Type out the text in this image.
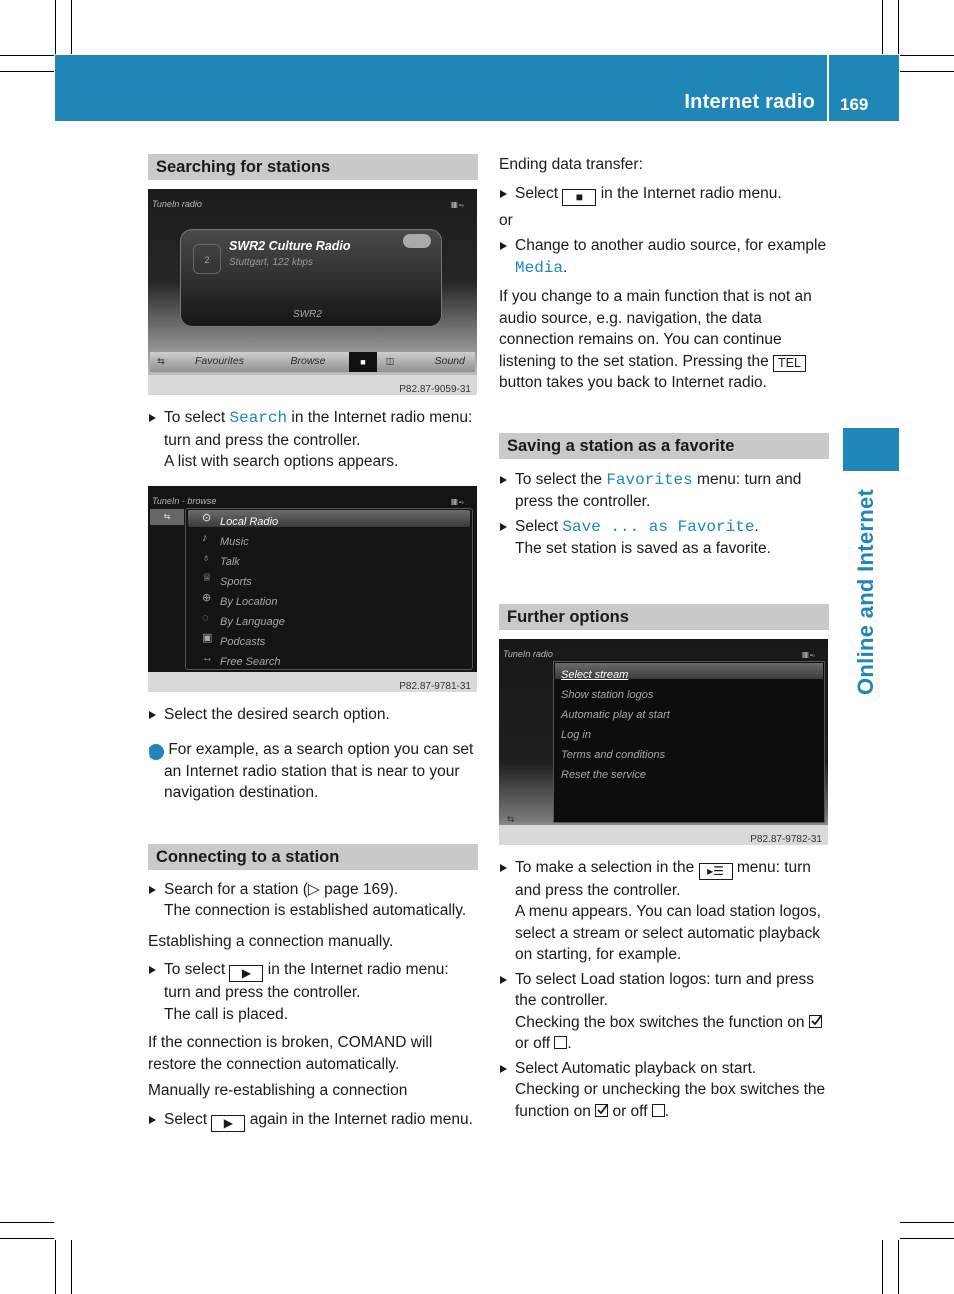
Internet radio 169
Online and Internet
Searching for stations
TuneIn radio	IIIII ⁃◦
2
SWR2 Culture Radio
Stuttgart, 122 kbps
SWR2
⇆	Favourites	Browse	■	◫	Sound
P82.87-9059-31

To select Search in the Internet radio menu: turn and press the controller.

A list with search options appears.

TuneIn - browse	IIIII ⁃◦
⇆	⊙ Local Radio
♪	Music
♁ Talk
♕ Sports
⊕ By Location
◌	By Language
▣ Podcasts
↔ Free Search
P82.87-9781-31

Select the desired search option.

i For example, as a search option you can set an Internet radio station that is near to your navigation destination.

Connecting to a station

Search for a station (▷ page 169).

The connection is established automatically.

Establishing a connection manually.

To select ▶ in the Internet radio menu: turn and press the controller.

The call is placed.

If the connection is broken, COMAND will restore the connection automatically.

Manually re-establishing a connection

Select ▶ again in the Internet radio menu.

Ending data transfer:

Select ■ in the Internet radio menu.

or

Change to another audio source, for example Media.

If you change to a main function that is not an audio source, e.g. navigation, the data connection remains on. You can continue listening to the set station. Pressing the TEL button takes you back to Internet radio.

Saving a station as a favorite

To select the Favorites menu: turn and press the controller.

Select Save ... as Favorite.

The set station is saved as a favorite.

Further options
TuneIn radio	IIIII ⁃◦
Select stream
Show station logos
Automatic play at start
Log in
Terms and conditions
Reset the service
⇆
P82.87-9782-31

To make a selection in the ▸☰ menu: turn and press the controller.

A menu appears. You can load station logos, select a stream or select automatic playback on starting, for example.

To select Load station logos: turn and press the controller.

Checking the box switches the function on
or off .

Select Automatic playback on start.

Checking or unchecking the box switches the function on
or off .
